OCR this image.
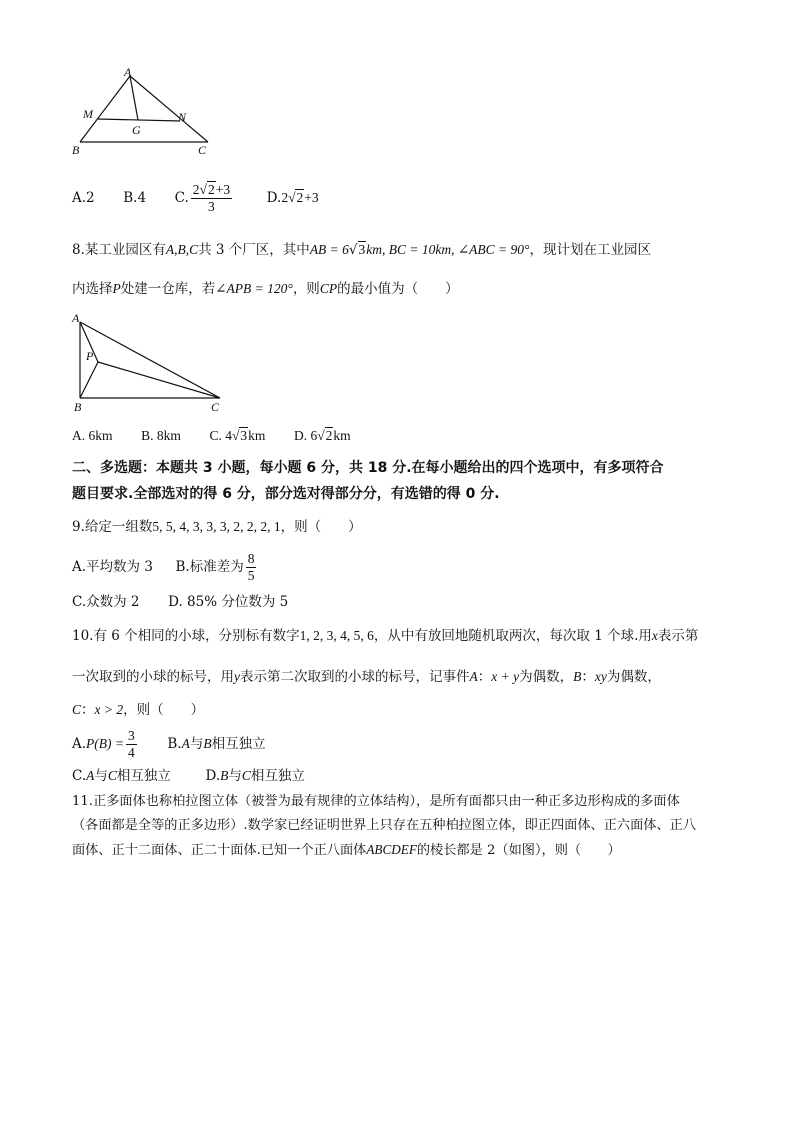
A
M	N
G
B	C
A.2 B.4 C. $\frac{2√2+3}{3}$	D.2√2+3
8.某工业园区有A,B,C共 3 个厂区，其中AB = 6√3km, BC = 10km, ∠ABC = 90°，现计划在工业园区
内选择P处建一仓库，若∠APB = 120°，则CP的最小值为（　　）
A
P
B	C
A. 6km B. 8km C. 4√3km D. 6√2km
二、多选题：本题共 3 小题，每小题 6 分，共 18 分.在每小题给出的四个选项中，有多项符合
题目要求.全部选对的得 6 分，部分选对得部分分，有选错的得 0 分.
9.给定一组数5, 5, 4, 3, 3, 3, 2, 2, 2, 1，则（　　）
A.平均数为 3 B.标准差为 $\frac{8}{5}$
C.众数为 2 D. 85% 分位数为 5
10.有 6 个相同的小球，分别标有数字1, 2, 3, 4, 5, 6，从中有放回地随机取两次，每次取 1 个球.用x表示第
一次取到的小球的标号，用y表示第二次取到的小球的标号，记事件A：x + y为偶数，B：xy为偶数，
C：x > 2，则（　　）
$A.P(B) = \frac{3}{4} B.A$与B相互独立
C.A与C相互独立	D.B与C相互独立
11.正多面体也称柏拉图立体（被誉为最有规律的立体结构），是所有面都只由一种正多边形构成的多面体
（各面都是全等的正多边形）.数学家已经证明世界上只存在五种柏拉图立体，即正四面体、正六面体、正八
面体、正十二面体、正二十面体.已知一个正八面体ABCDEF的棱长都是 2（如图），则（　　）
